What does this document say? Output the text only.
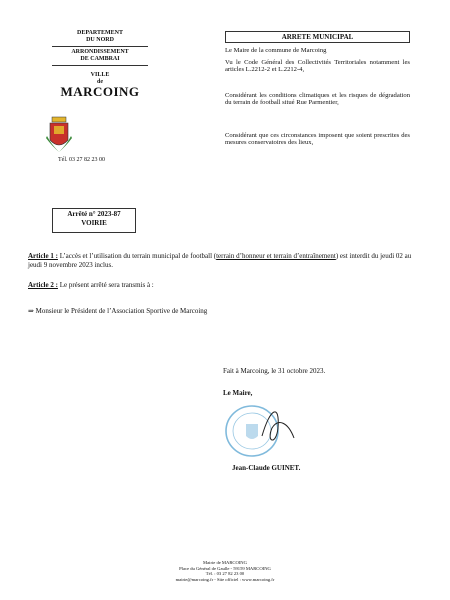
DEPARTEMENT
DU NORD
ARRONDISSEMENT
DE CAMBRAI
VILLE
de
MARCOING
Tél. 03 27 82 23 00
ARRETE MUNICIPAL
Le Maire de la commune de Marcoing
Vu le Code Général des Collectivités Territoriales notamment les articles L.2212-2 et L.2212-4,
Considérant les conditions climatiques et les risques de dégradation du terrain de football situé Rue Parmentier,
Considérant que ces circonstances imposent que soient prescrites des mesures conservatoires des lieux,
Arrêté n° 2023-87
VOIRIE
Article 1 : L’accès et l’utilisation du terrain municipal de football (terrain d’honneur et terrain d’entraînement) est interdit du jeudi 02 au jeudi 9 novembre 2023 inclus.
Article 2 : Le présent arrêté sera transmis à :
⇒ Monsieur le Président de l’Association Sportive de Marcoing
Fait à Marcoing, le 31 octobre 2023.
Le Maire,
Jean-Claude GUINET.
Mairie de MARCOING
Place du Général de Gaulle - 59159 MARCOING
Tél. : 03 27 82 23 00
mairie@marcoing.fr - Site officiel : www.marcoing.fr
